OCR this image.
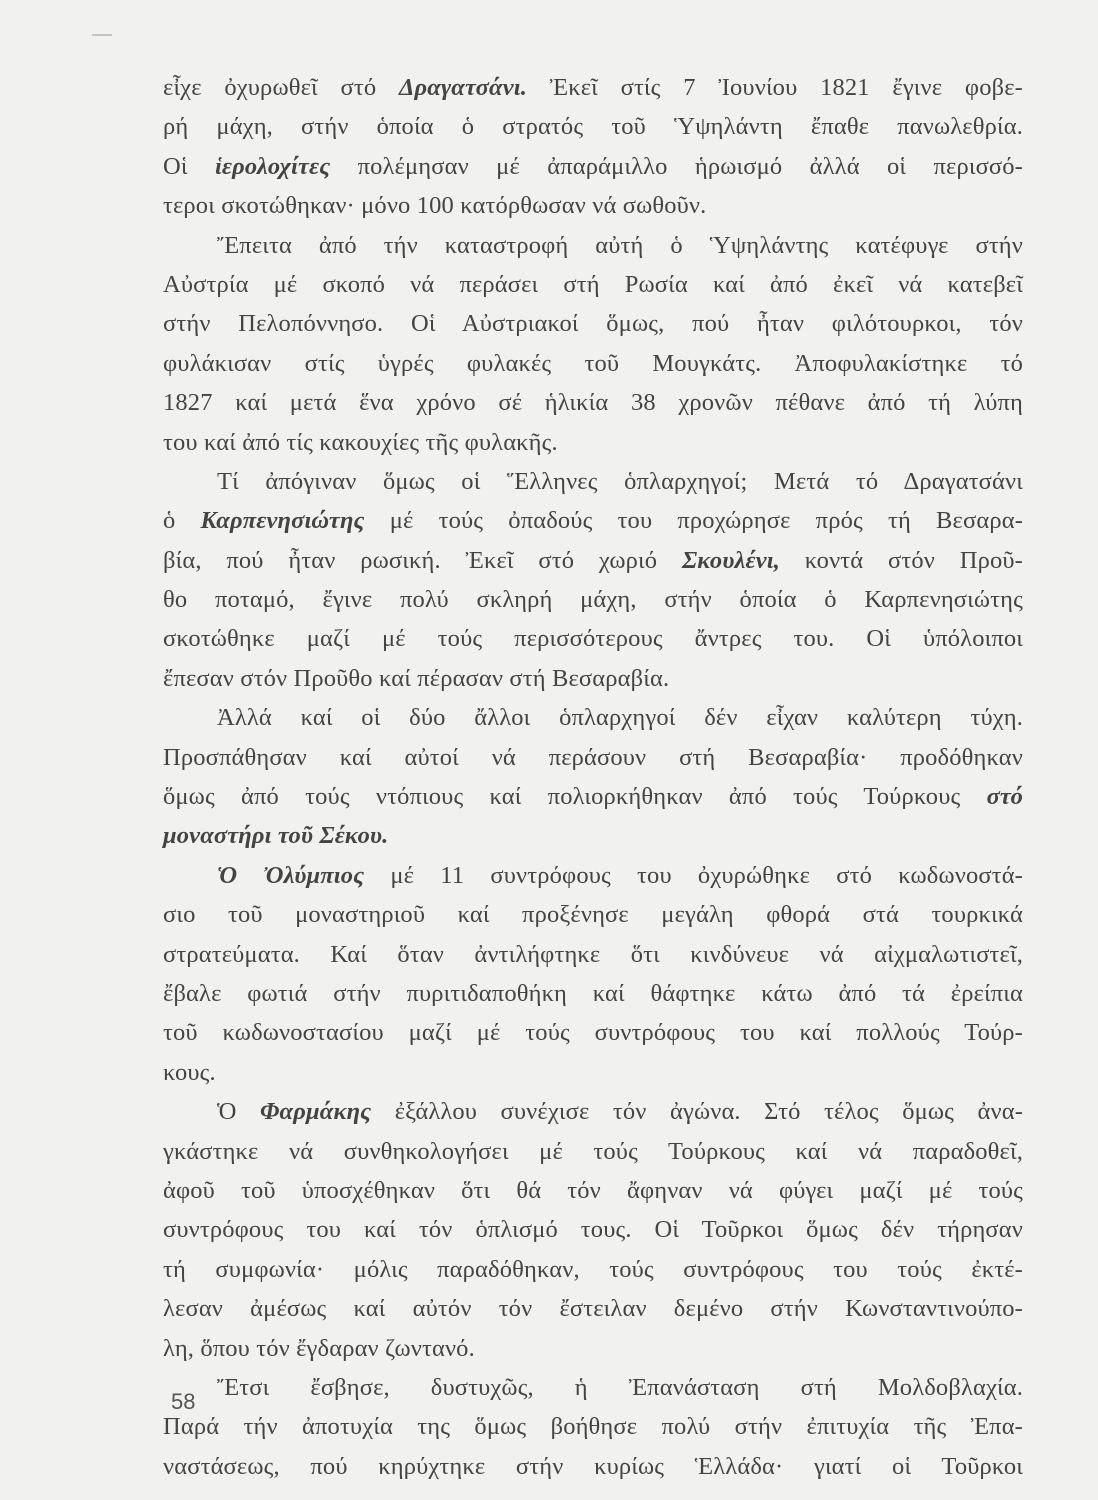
εἶχε ὀχυρωθεῖ στό Δραγατσάνι. Ἐκεῖ στίς 7 Ἰουνίου 1821 ἔγινε φοβε-
ρή μάχη, στήν ὁποία ὁ στρατός τοῦ Ὑψηλάντη ἔπαθε πανωλεθρία.
Οἱ ἱερολοχίτες πολέμησαν μέ ἀπαράμιλλο ἡρωισμό ἀλλά οἱ περισσό-
τεροι σκοτώθηκαν· μόνο 100 κατόρθωσαν νά σωθοῦν.
Ἔπειτα ἀπό τήν καταστροφή αὐτή ὁ Ὑψηλάντης κατέφυγε στήν
Αὐστρία μέ σκοπό νά περάσει στή Ρωσία καί ἀπό ἐκεῖ νά κατεβεῖ
στήν Πελοπόννησο. Οἱ Αὐστριακοί ὅμως, πού ἦταν φιλότουρκοι, τόν
φυλάκισαν στίς ὑγρές φυλακές τοῦ Μουγκάτς. Ἀποφυλακίστηκε τό
1827 καί μετά ἕνα χρόνο σέ ἡλικία 38 χρονῶν πέθανε ἀπό τή λύπη
του καί ἀπό τίς κακουχίες τῆς φυλακῆς.
Τί ἀπόγιναν ὅμως οἱ Ἕλληνες ὁπλαρχηγοί; Μετά τό Δραγατσάνι
ὁ Καρπενησιώτης μέ τούς ὀπαδούς του προχώρησε πρός τή Βεσαρα-
βία, πού ἦταν ρωσική. Ἐκεῖ στό χωριό Σκουλένι, κοντά στόν Προῦ-
θο ποταμό, ἔγινε πολύ σκληρή μάχη, στήν ὁποία ὁ Καρπενησιώτης
σκοτώθηκε μαζί μέ τούς περισσότερους ἄντρες του. Οἱ ὑπόλοιποι
ἔπεσαν στόν Προῦθο καί πέρασαν στή Βεσαραβία.
Ἀλλά καί οἱ δύο ἄλλοι ὁπλαρχηγοί δέν εἶχαν καλύτερη τύχη.
Προσπάθησαν καί αὐτοί νά περάσουν στή Βεσαραβία· προδόθηκαν
ὅμως ἀπό τούς ντόπιους καί πολιορκήθηκαν ἀπό τούς Τούρκους στό
μοναστήρι τοῦ Σέκου.
Ὁ Ὀλύμπιος μέ 11 συντρόφους του ὀχυρώθηκε στό κωδωνοστά-
σιο τοῦ μοναστηριοῦ καί προξένησε μεγάλη φθορά στά τουρκικά
στρατεύματα. Καί ὅταν ἀντιλήφτηκε ὅτι κινδύνευε νά αἰχμαλωτιστεῖ,
ἔβαλε φωτιά στήν πυριτιδαποθήκη καί θάφτηκε κάτω ἀπό τά ἐρείπια
τοῦ κωδωνοστασίου μαζί μέ τούς συντρόφους του καί πολλούς Τούρ-
κους.
Ὁ Φαρμάκης ἐξάλλου συνέχισε τόν ἀγώνα. Στό τέλος ὅμως ἀνα-
γκάστηκε νά συνθηκολογήσει μέ τούς Τούρκους καί νά παραδοθεῖ,
ἀφοῦ τοῦ ὑποσχέθηκαν ὅτι θά τόν ἄφηναν νά φύγει μαζί μέ τούς
συντρόφους του καί τόν ὁπλισμό τους. Οἱ Τοῦρκοι ὅμως δέν τήρησαν
τή συμφωνία· μόλις παραδόθηκαν, τούς συντρόφους του τούς ἐκτέ-
λεσαν ἀμέσως καί αὐτόν τόν ἔστειλαν δεμένο στήν Κωνσταντινούπο-
λη, ὅπου τόν ἔγδαραν ζωντανό.
Ἔτσι ἔσβησε, δυστυχῶς, ἡ Ἐπανάσταση στή Μολδοβλαχία.
Παρά τήν ἀποτυχία της ὅμως βοήθησε πολύ στήν ἐπιτυχία τῆς Ἐπα-
ναστάσεως, πού κηρύχτηκε στήν κυρίως Ἑλλάδα· γιατί οἱ Τοῦρκοι
58
